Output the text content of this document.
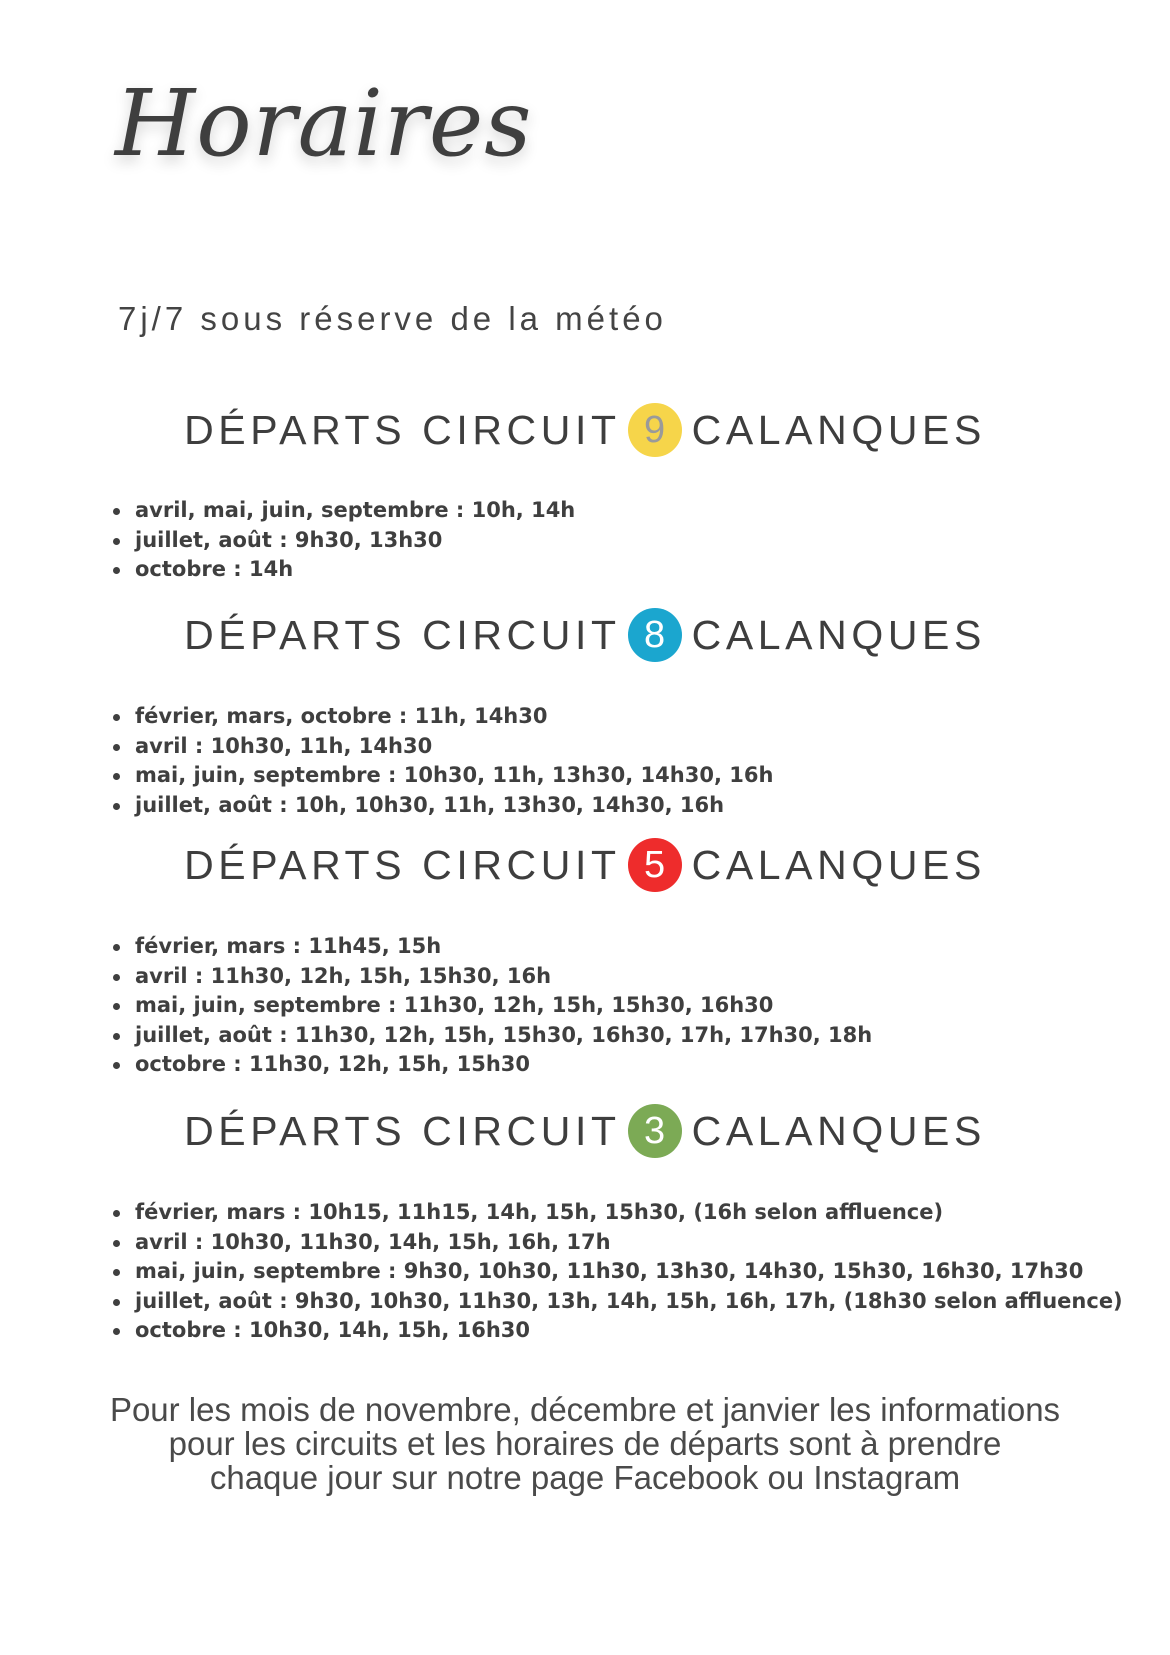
Horaires
7j/7 sous réserve de la météo
DÉPARTS CIRCUIT 9 CALANQUES
avril, mai, juin, septembre : 10h, 14h
juillet, août : 9h30, 13h30
octobre : 14h
DÉPARTS CIRCUIT 8 CALANQUES
février, mars, octobre : 11h, 14h30
avril : 10h30, 11h, 14h30
mai, juin, septembre : 10h30, 11h, 13h30, 14h30, 16h
juillet, août : 10h, 10h30, 11h, 13h30, 14h30, 16h
DÉPARTS CIRCUIT 5 CALANQUES
février, mars : 11h45, 15h
avril : 11h30, 12h, 15h, 15h30, 16h
mai, juin, septembre : 11h30, 12h, 15h, 15h30, 16h30
juillet, août : 11h30, 12h, 15h, 15h30, 16h30, 17h, 17h30, 18h
octobre : 11h30, 12h, 15h, 15h30
DÉPARTS CIRCUIT 3 CALANQUES
février, mars : 10h15, 11h15, 14h, 15h, 15h30, (16h selon affluence)
avril : 10h30, 11h30, 14h, 15h, 16h, 17h
mai, juin, septembre : 9h30, 10h30, 11h30, 13h30, 14h30, 15h30, 16h30, 17h30
juillet, août : 9h30, 10h30, 11h30, 13h, 14h, 15h, 16h, 17h, (18h30 selon affluence)
octobre : 10h30, 14h, 15h, 16h30
Pour les mois de novembre, décembre et janvier les informations
pour les circuits et les horaires de départs sont à prendre
chaque jour sur notre page Facebook ou Instagram
